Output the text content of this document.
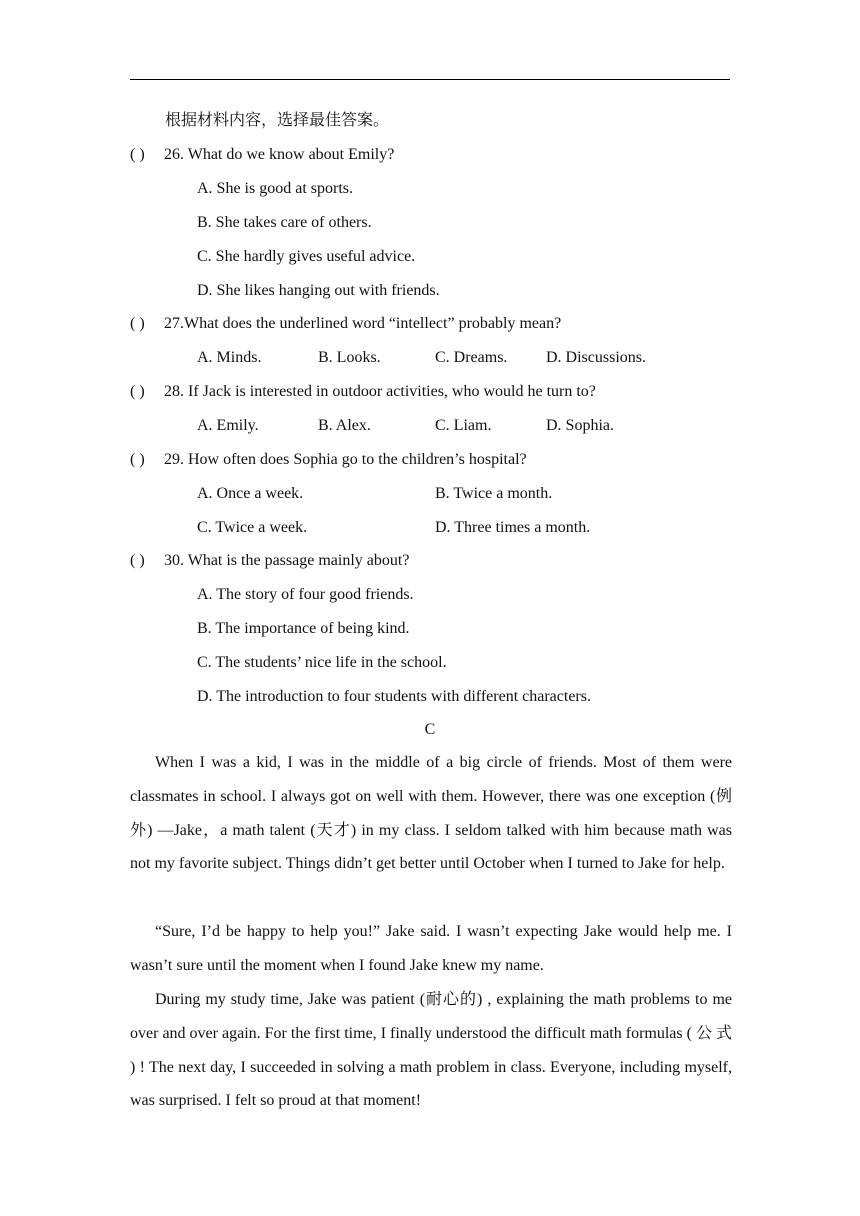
根据材料内容，选择最佳答案。
( ) 26. What do we know about Emily?
A. She is good at sports.
B. She takes care of others.
C. She hardly gives useful advice.
D. She likes hanging out with friends.
( ) 27.What does the underlined word “intellect” probably mean?
A. Minds.	B. Looks.	C. Dreams. D. Discussions.
( ) 28. If Jack is interested in outdoor activities, who would he turn to?
A. Emily.	B. Alex.	C. Liam.	D. Sophia.
( ) 29. How often does Sophia go to the children’s hospital?
A. Once a week.	B. Twice a month.
C. Twice a week.	D. Three times a month.
( ) 30. What is the passage mainly about?
A. The story of four good friends.
B. The importance of being kind.
C. The students’ nice life in the school.
D. The introduction to four students with different characters.
C
When I was a kid, I was in the middle of a big circle of friends. Most of them were classmates in school. I always got on well with them. However, there was one exception (例外) —Jake，a math talent (天才) in my class. I seldom talked with him because math was not my favorite subject. Things didn’t get better until October when I turned to Jake for help.
“Sure, I’d be happy to help you!” Jake said. I wasn’t expecting Jake would help me. I wasn’t sure until the moment when I found Jake knew my name.
During my study time, Jake was patient (耐心的) , explaining the math problems to me over and over again. For the first time, I finally understood the difficult math formulas ( 公 式 ) ! The next day, I succeeded in solving a math problem in class. Everyone, including myself, was surprised. I felt so proud at that moment!
